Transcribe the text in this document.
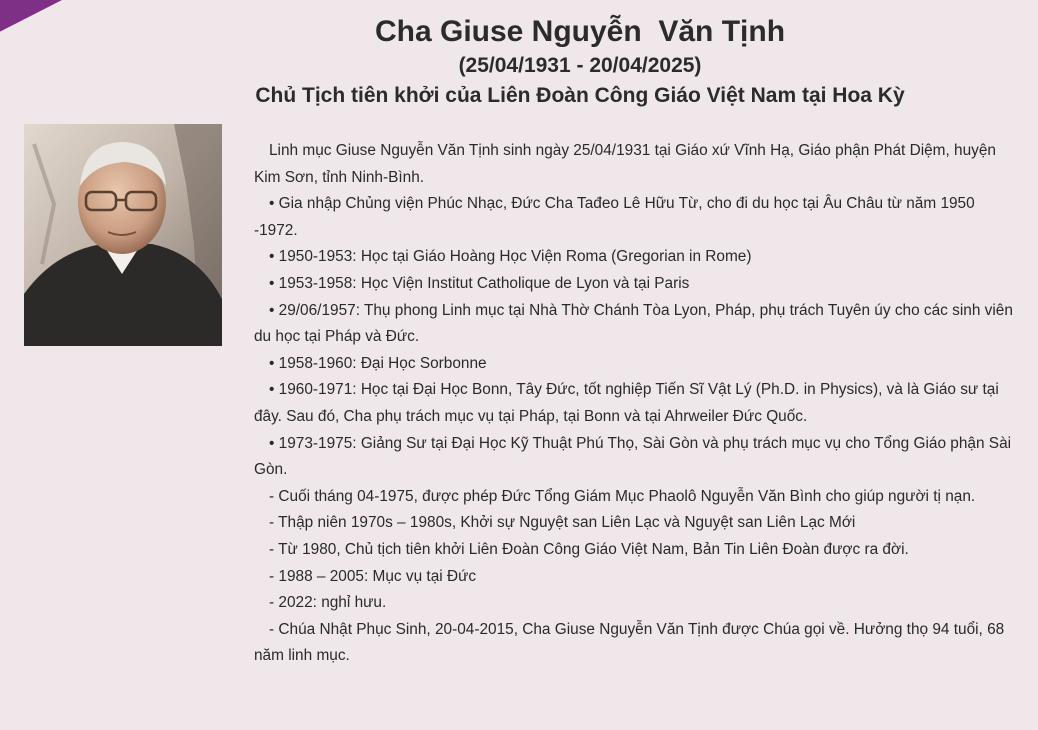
Cha Giuse Nguyễn  Văn Tịnh
(25/04/1931 - 20/04/2025)
Chủ Tịch tiên khởi của Liên Đoàn Công Giáo Việt Nam tại Hoa Kỳ

Linh mục Giuse Nguyễn Văn Tịnh sinh ngày 25/04/1931 tại Giáo xứ Vĩnh Hạ, Giáo phận Phát Diệm, huyện Kim Sơn, tỉnh Ninh-Bình.

• Gia nhập Chủng viện Phúc Nhạc, Đức Cha Tađeo Lê Hữu Từ, cho đi du học tại Âu Châu từ năm 1950 -1972.

• 1950-1953: Học tại Giáo Hoàng Học Viện Roma (Gregorian in Rome)

• 1953-1958: Học Viện Institut Catholique de Lyon và tại Paris

• 29/06/1957: Thụ phong Linh mục tại Nhà Thờ Chánh Tòa Lyon, Pháp, phụ trách Tuyên úy cho các sinh viên du học tại Pháp và Đức.

• 1958-1960: Đại Học Sorbonne

• 1960-1971: Học tại Đại Học Bonn, Tây Đức, tốt nghiệp Tiến Sĩ Vật Lý (Ph.D. in Physics), và là Giáo sư tại đây. Sau đó, Cha phụ trách mục vụ tại Pháp, tại Bonn và tại Ahrweiler Đức Quốc.

• 1973-1975: Giảng Sư tại Đại Học Kỹ Thuật Phú Thọ, Sài Gòn và phụ trách mục vụ cho Tổng Giáo phận Sài Gòn.

- Cuối tháng 04-1975, được phép Đức Tổng Giám Mục Phaolô Nguyễn Văn Bình cho giúp người tị nạn.

- Thập niên 1970s – 1980s, Khởi sự Nguyệt san Liên Lạc và Nguyệt san Liên Lạc Mới

- Từ 1980, Chủ tịch tiên khởi Liên Đoàn Công Giáo Việt Nam, Bản Tin Liên Đoàn được ra đời.

- 1988 – 2005: Mục vụ tại Đức

- 2022: nghỉ hưu.

- Chúa Nhật Phục Sinh, 20-04-2015, Cha Giuse Nguyễn Văn Tịnh được Chúa gọi về. Hưởng thọ 94 tuổi, 68 năm linh mục.
